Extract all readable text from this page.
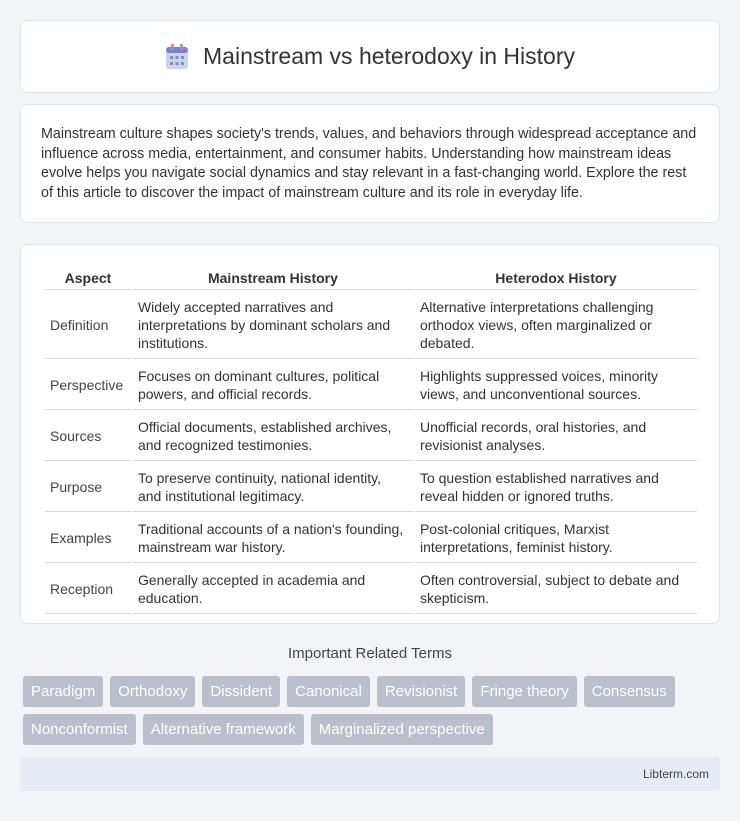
Mainstream vs heterodoxy in History

Mainstream culture shapes society's trends, values, and behaviors through widespread acceptance and influence across media, entertainment, and consumer habits. Understanding how mainstream ideas evolve helps you navigate social dynamics and stay relevant in a fast-changing world. Explore the rest of this article to discover the impact of mainstream culture and its role in everyday life.

Aspect	Mainstream History	Heterodox History
Definition	Widely accepted narratives and interpretations by dominant scholars and institutions.	Alternative interpretations challenging orthodox views, often marginalized or debated.
Perspective	Focuses on dominant cultures, political powers, and official records.	Highlights suppressed voices, minority views, and unconventional sources.
Sources	Official documents, established archives, and recognized testimonies.	Unofficial records, oral histories, and revisionist analyses.
Purpose	To preserve continuity, national identity, and institutional legitimacy.	To question established narratives and reveal hidden or ignored truths.
Examples	Traditional accounts of a nation's founding, mainstream war history.	Post-colonial critiques, Marxist interpretations, feminist history.
Reception	Generally accepted in academia and education.	Often controversial, subject to debate and skepticism.
Important Related Terms
Paradigm	Orthodoxy	Dissident	Canonical	Revisionist	Fringe theory	Consensus
Nonconformist	Alternative framework	Marginalized perspective
Libterm.com
